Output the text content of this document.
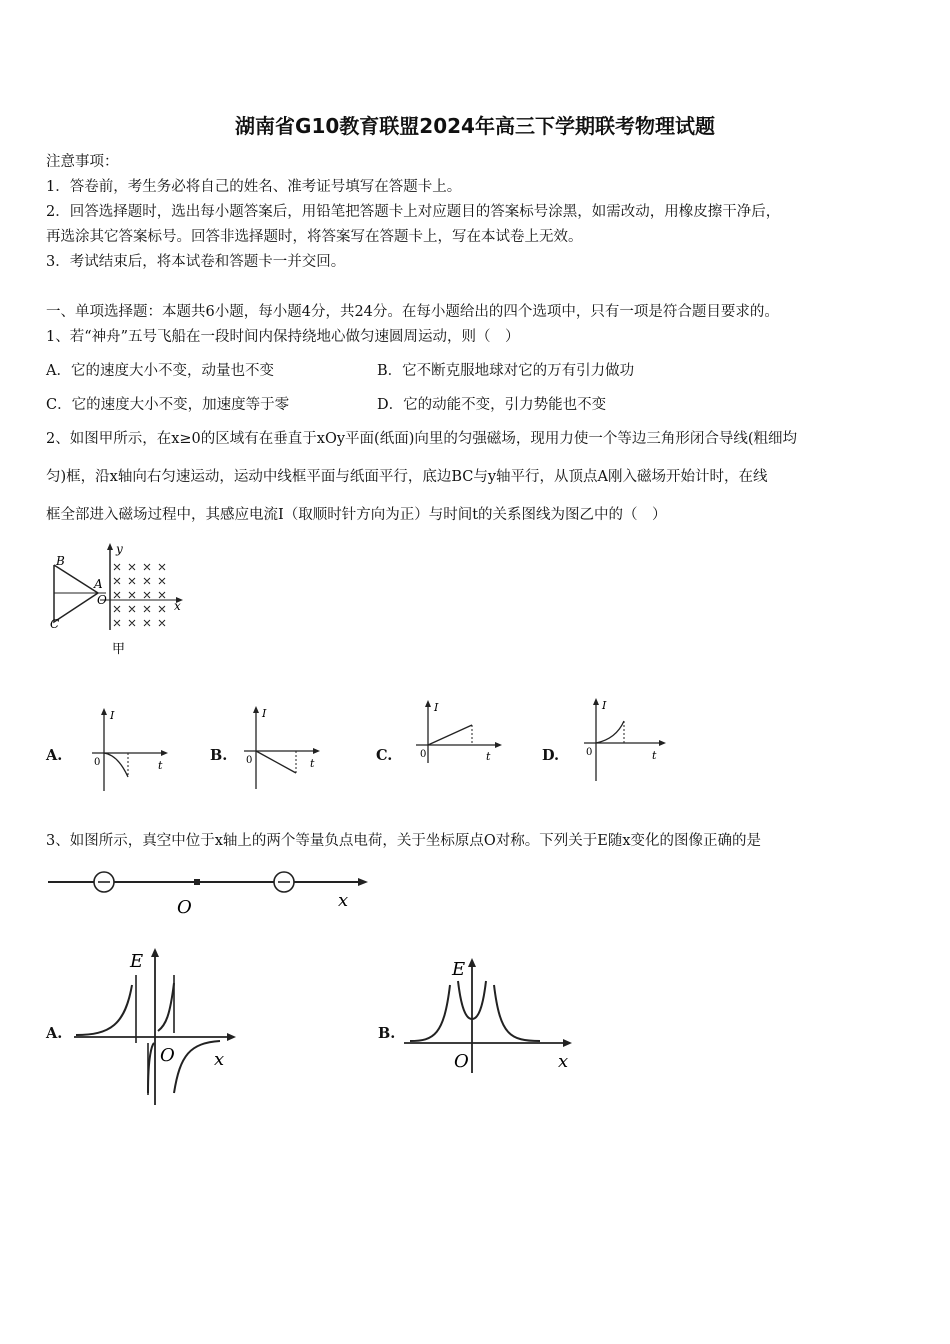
湖南省G10教育联盟2024年高三下学期联考物理试题
注意事项：
1．答卷前，考生务必将自己的姓名、准考证号填写在答题卡上。
2．回答选择题时，选出每小题答案后，用铅笔把答题卡上对应题目的答案标号涂黑，如需改动，用橡皮擦干净后，
再选涂其它答案标号。回答非选择题时，将答案写在答题卡上，写在本试卷上无效。
3．考试结束后，将本试卷和答题卡一并交回。
一、单项选择题：本题共6小题，每小题4分，共24分。在每小题给出的四个选项中，只有一项是符合题目要求的。
1、若“神舟”五号飞船在一段时间内保持绕地心做匀速圆周运动，则（　）
A．它的速度大小不变，动量也不变	B．它不断克服地球对它的万有引力做功
C．它的速度大小不变，加速度等于零	D．它的动能不变，引力势能也不变
2、如图甲所示，在x≥0的区域有在垂直于xOy平面(纸面)向里的匀强磁场，现用力使一个等边三角形闭合导线(粗细均
匀)框，沿x轴向右匀速运动，运动中线框平面与纸面平行，底边BC与y轴平行，从顶点A刚入磁场开始计时，在线
框全部进入磁场过程中，其感应电流I（取顺时针方向为正）与时间t的关系图线为图乙中的（　）
B
A
O
C
y
x
甲
A.
I
0	t
B.
I
0	t	C.
I
0	t	D.
I
0	t
3、如图所示，真空中位于x轴上的两个等量负点电荷，关于坐标原点O对称。下列关于E随x变化的图像正确的是
O	x
A.
E
O x
B.
E
O	x
